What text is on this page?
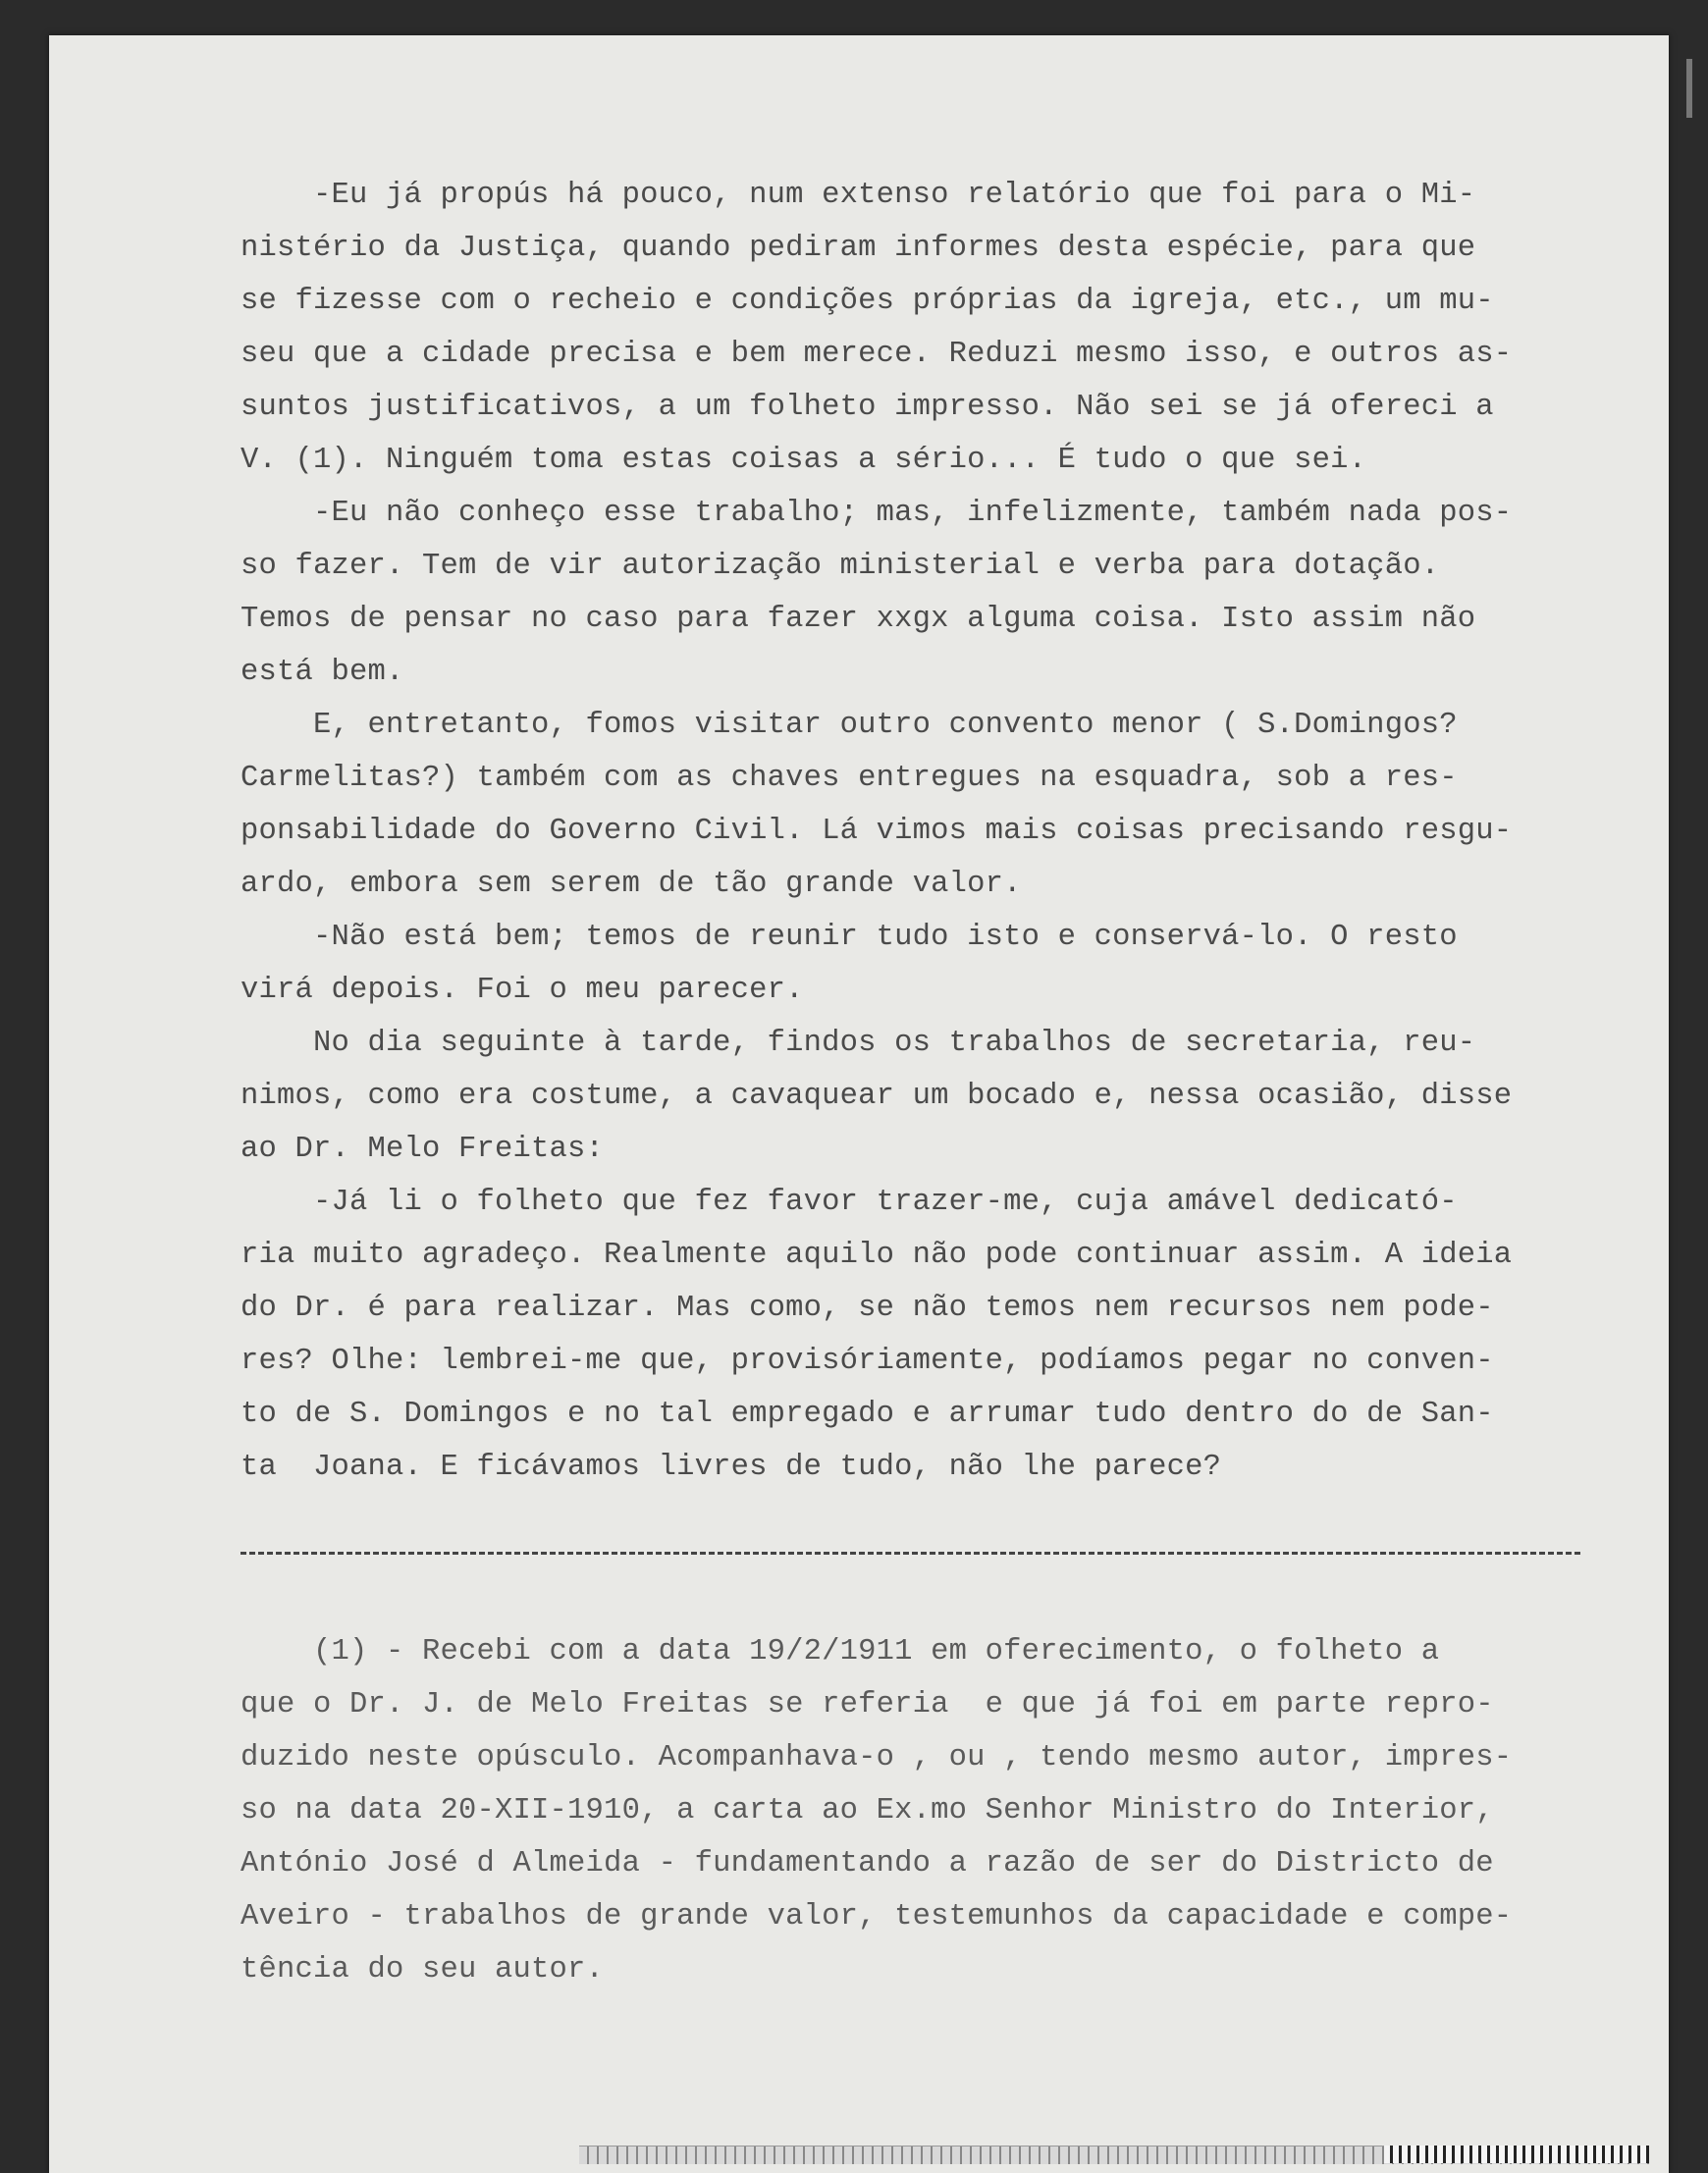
-Eu já propús há pouco, num extenso relatório que foi para o Mi-
nistério da Justiça, quando pediram informes desta espécie, para que
se fizesse com o recheio e condições próprias da igreja, etc., um mu-
seu que a cidade precisa e bem merece. Reduzi mesmo isso, e outros as-
suntos justificativos, a um folheto impresso. Não sei se já ofereci a
V. (1). Ninguém toma estas coisas a sério... É tudo o que sei.
-Eu não conheço esse trabalho; mas, infelizmente, também nada pos-
so fazer. Tem de vir autorização ministerial e verba para dotação.
Temos de pensar no caso para fazer xxgx alguma coisa. Isto assim não
está bem.
E, entretanto, fomos visitar outro convento menor ( S.Domingos?
Carmelitas?) também com as chaves entregues na esquadra, sob a res-
ponsabilidade do Governo Civil. Lá vimos mais coisas precisando resgu-
ardo, embora sem serem de tão grande valor.
-Não está bem; temos de reunir tudo isto e conservá-lo. O resto
virá depois. Foi o meu parecer.
No dia seguinte à tarde, findos os trabalhos de secretaria, reu-
nimos, como era costume, a cavaquear um bocado e, nessa ocasião, disse
ao Dr. Melo Freitas:
-Já li o folheto que fez favor trazer-me, cuja amável dedicató-
ria muito agradeço. Realmente aquilo não pode continuar assim. A ideia
do Dr. é para realizar. Mas como, se não temos nem recursos nem pode-
res? Olhe: lembrei-me que, provisóriamente, podíamos pegar no conven-
to de S. Domingos e no tal empregado e arrumar tudo dentro do de San-
ta  Joana. E ficávamos livres de tudo, não lhe parece?
(1) - Recebi com a data 19/2/1911 em oferecimento, o folheto a
que o Dr. J. de Melo Freitas se referia  e que já foi em parte repro-
duzido neste opúsculo. Acompanhava-o , ou , tendo mesmo autor, impres-
so na data 20-XII-1910, a carta ao Ex.mo Senhor Ministro do Interior,
António José d Almeida - fundamentando a razão de ser do Districto de
Aveiro - trabalhos de grande valor, testemunhos da capacidade e compe-
tência do seu autor.
